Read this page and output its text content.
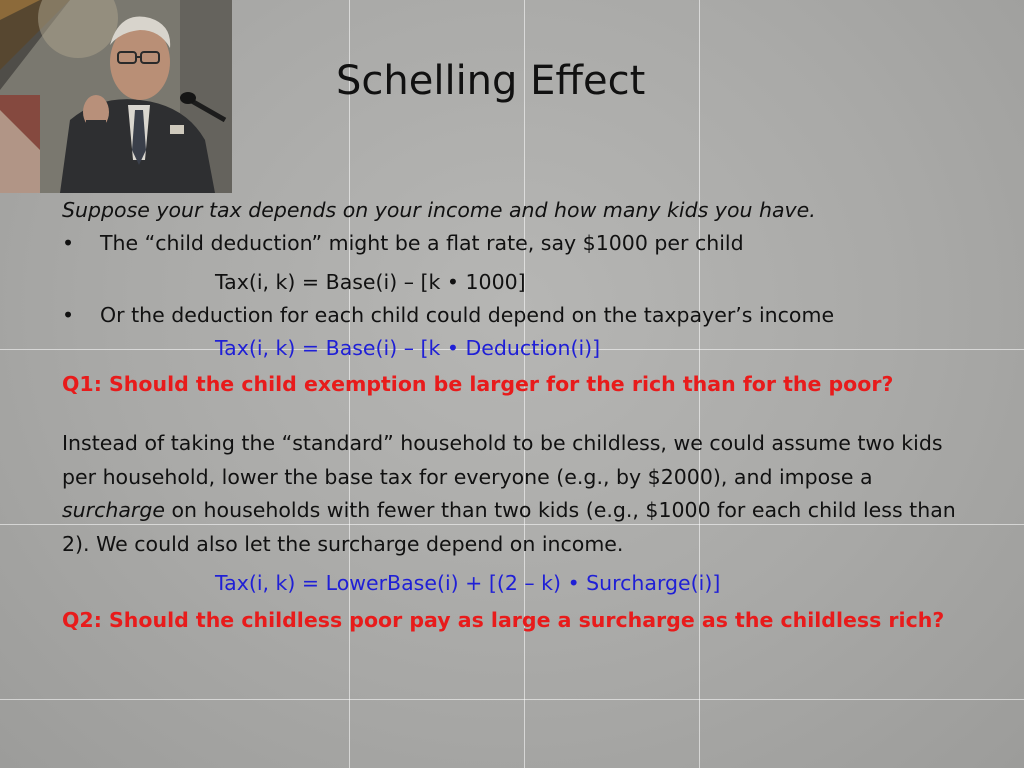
Schelling Effect
Suppose your tax depends on your income and how many kids you have.
• The “child deduction” might be a flat rate, say $1000 per child
Tax(i, k) = Base(i) – [k • 1000]
• Or the deduction for each child could depend on the taxpayer’s income
Tax(i, k) = Base(i) – [k • Deduction(i)]
Q1: Should the child exemption be larger for the rich than for the poor?
Instead of taking the “standard” household to be childless, we could assume two kids per household, lower the base tax for everyone (e.g., by $2000), and impose a surcharge on households with fewer than two kids (e.g., $1000 for each child less than 2). We could also let the surcharge depend on income.
Tax(i, k) = LowerBase(i) + [(2 – k) • Surcharge(i)]
Q2: Should the childless poor pay as large a surcharge as the childless rich?
